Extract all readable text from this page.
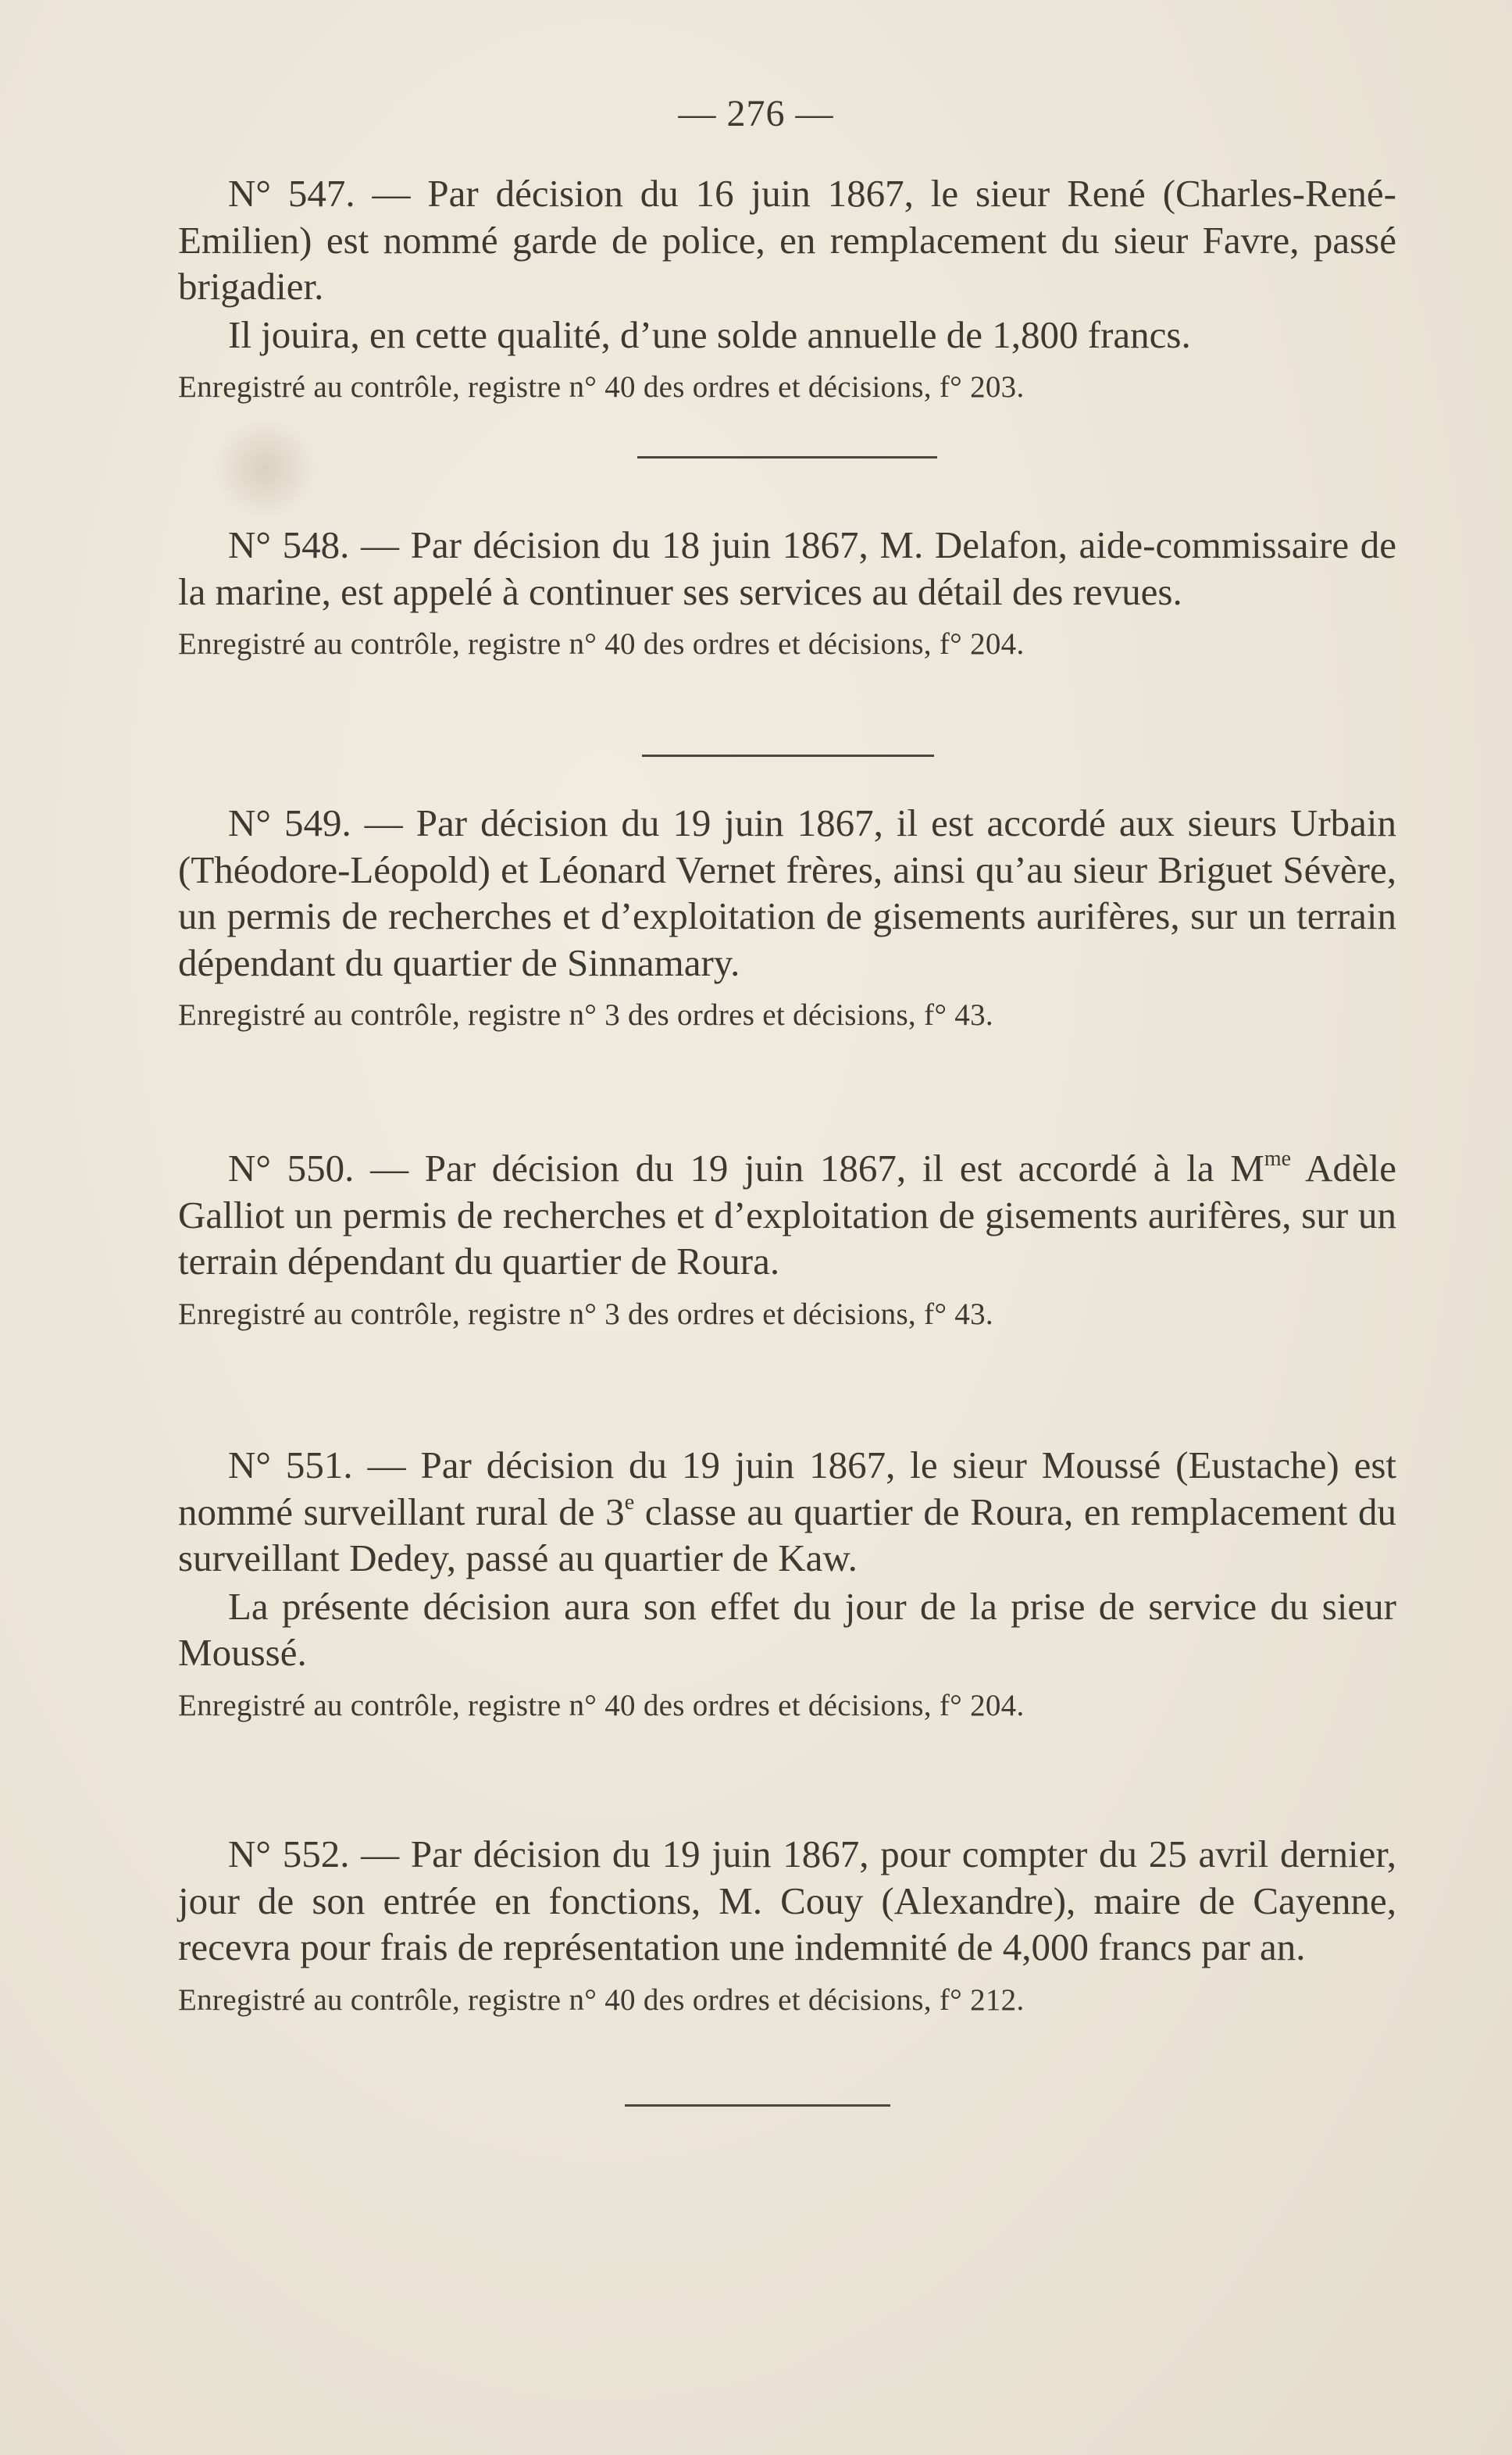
— 276 —

N° 547. — Par décision du 16 juin 1867, le sieur René (Charles-René-Emilien) est nommé garde de police, en remplacement du sieur Favre, passé brigadier.

Il jouira, en cette qualité, d’une solde annuelle de 1,800 francs.

Enregistré au contrôle, registre n° 40 des ordres et décisions, f° 203.

N° 548. — Par décision du 18 juin 1867, M. Delafon, aide-commissaire de la marine, est appelé à continuer ses services au détail des revues.

Enregistré au contrôle, registre n° 40 des ordres et décisions, f° 204.

N° 549. — Par décision du 19 juin 1867, il est accordé aux sieurs Urbain (Théodore-Léopold) et Léonard Vernet frères, ainsi qu’au sieur Briguet Sévère, un permis de recherches et d’exploitation de gisements aurifères, sur un terrain dépendant du quartier de Sinnamary.

Enregistré au contrôle, registre n° 3 des ordres et décisions, f° 43.

N° 550. — Par décision du 19 juin 1867, il est accordé à la $M^{me}$ Adèle Galliot un permis de recherches et d’exploitation de gisements aurifères, sur un terrain dépendant du quartier de Roura.

Enregistré au contrôle, registre n° 3 des ordres et décisions, f° 43.

N° 551. — Par décision du 19 juin 1867, le sieur Moussé (Eustache) est nommé surveillant rural de 3e classe au quartier de Roura, en remplacement du surveillant Dedey, passé au quartier de Kaw.

La présente décision aura son effet du jour de la prise de service du sieur Moussé.

Enregistré au contrôle, registre n° 40 des ordres et décisions, f° 204.

N° 552. — Par décision du 19 juin 1867, pour compter du 25 avril dernier, jour de son entrée en fonctions, M. Couy (Alexandre), maire de Cayenne, recevra pour frais de représentation une indemnité de 4,000 francs par an.

Enregistré au contrôle, registre n° 40 des ordres et décisions, f° 212.
